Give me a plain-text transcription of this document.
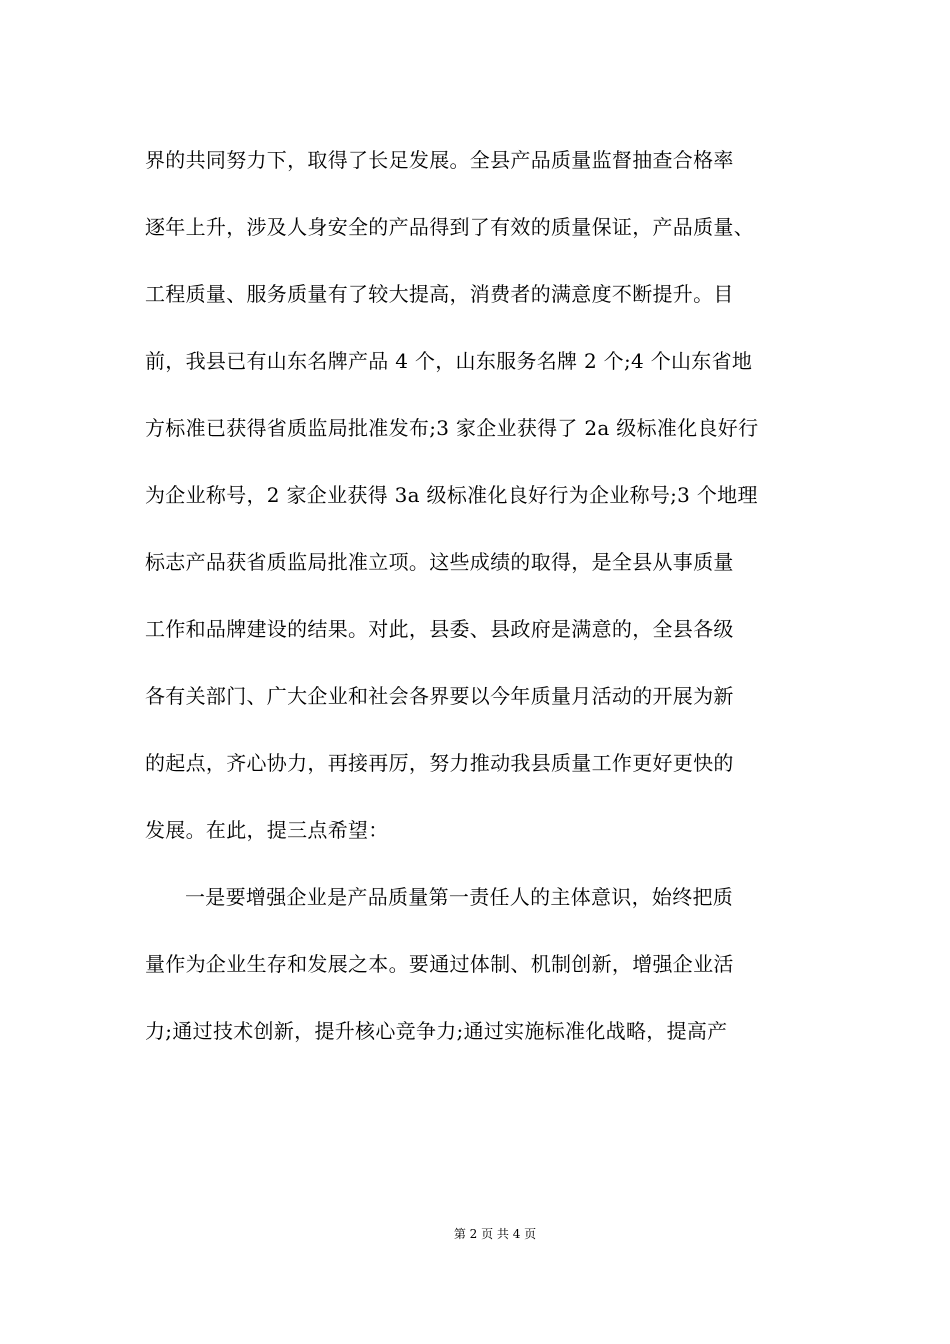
界的共同努力下，取得了长足发展。全县产品质量监督抽查合格率
逐年上升，涉及人身安全的产品得到了有效的质量保证，产品质量、
工程质量、服务质量有了较大提高，消费者的满意度不断提升。目
前，我县已有山东名牌产品 4 个，山东服务名牌 2 个;4 个山东省地
方标准已获得省质监局批准发布;3 家企业获得了 2a 级标准化良好行
为企业称号，2 家企业获得 3a 级标准化良好行为企业称号;3 个地理
标志产品获省质监局批准立项。这些成绩的取得，是全县从事质量
工作和品牌建设的结果。对此，县委、县政府是满意的，全县各级
各有关部门、广大企业和社会各界要以今年质量月活动的开展为新
的起点，齐心协力，再接再厉，努力推动我县质量工作更好更快的
发展。在此，提三点希望：
一是要增强企业是产品质量第一责任人的主体意识，始终把质
量作为企业生存和发展之本。要通过体制、机制创新，增强企业活
力;通过技术创新，提升核心竞争力;通过实施标准化战略，提高产
第 2 页 共 4 页
